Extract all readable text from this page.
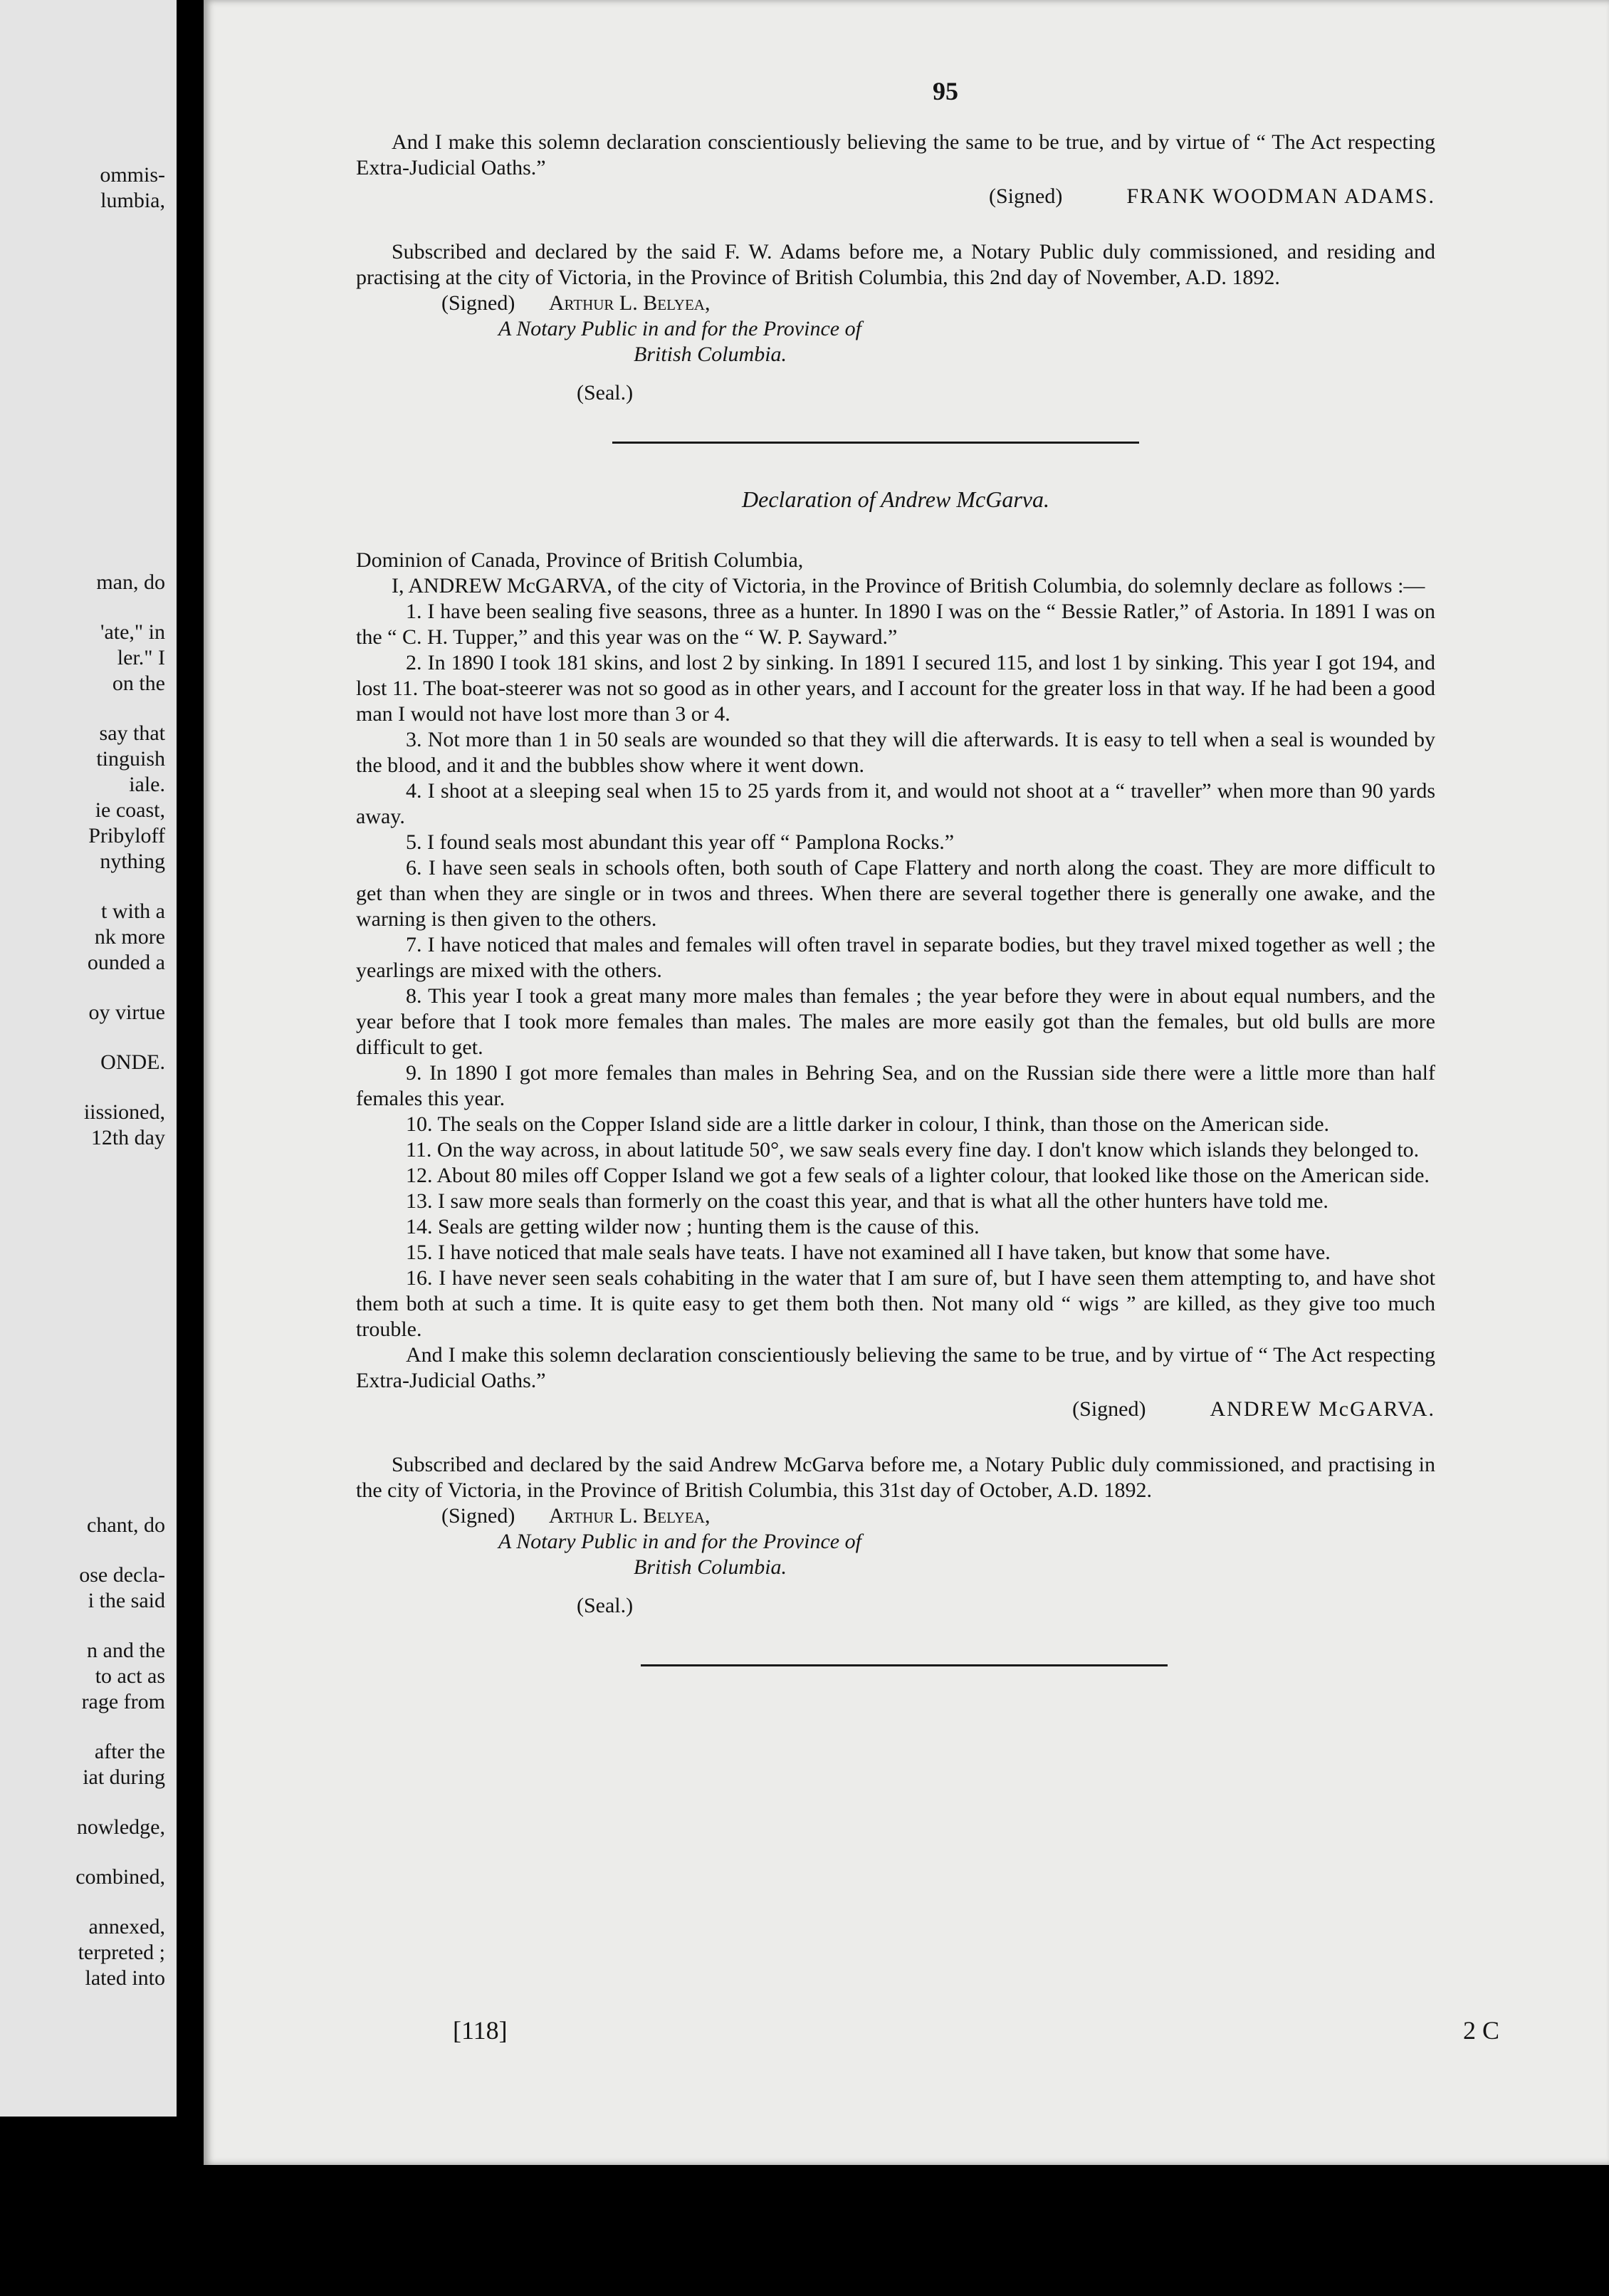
ommis-
lumbia,
man, do
'ate," in
ler." I
on the
say that
tinguish
iale.
ie coast,
Pribyloff
nything
t with a
nk more
ounded a
oy virtue
ONDE.
iissioned,
12th day
chant, do
ose decla-
i the said
n and the
to act as
rage from
after the
iat during
nowledge,
combined,
annexed,
terpreted ;
lated into
95

And I make this solemn declaration conscientiously believing the same to be true, and by virtue of “ The Act respecting Extra-Judicial Oaths.”

(Signed)	FRANK WOODMAN ADAMS.

Subscribed and declared by the said F. W. Adams before me, a Notary Public duly commissioned, and residing and practising at the city of Victoria, in the Province of British Columbia, this 2nd day of November, A.D. 1892.

(Signed) Arthur L. Belyea,
A Notary Public in and for the Province of
British Columbia.
(Seal.)
Declaration of Andrew McGarva.

Dominion of Canada, Province of British Columbia,

I, ANDREW McGARVA, of the city of Victoria, in the Province of British Columbia, do solemnly declare as follows :—

1. I have been sealing five seasons, three as a hunter. In 1890 I was on the “ Bessie Ratler,” of Astoria. In 1891 I was on the “ C. H. Tupper,” and this year was on the “ W. P. Sayward.”

2. In 1890 I took 181 skins, and lost 2 by sinking. In 1891 I secured 115, and lost 1 by sinking. This year I got 194, and lost 11. The boat-steerer was not so good as in other years, and I account for the greater loss in that way. If he had been a good man I would not have lost more than 3 or 4.

3. Not more than 1 in 50 seals are wounded so that they will die afterwards. It is easy to tell when a seal is wounded by the blood, and it and the bubbles show where it went down.

4. I shoot at a sleeping seal when 15 to 25 yards from it, and would not shoot at a “ traveller” when more than 90 yards away.

5. I found seals most abundant this year off “ Pamplona Rocks.”

6. I have seen seals in schools often, both south of Cape Flattery and north along the coast. They are more difficult to get than when they are single or in twos and threes. When there are several together there is generally one awake, and the warning is then given to the others.

7. I have noticed that males and females will often travel in separate bodies, but they travel mixed together as well ; the yearlings are mixed with the others.

8. This year I took a great many more males than females ; the year before they were in about equal numbers, and the year before that I took more females than males. The males are more easily got than the females, but old bulls are more difficult to get.

9. In 1890 I got more females than males in Behring Sea, and on the Russian side there were a little more than half females this year.

10. The seals on the Copper Island side are a little darker in colour, I think, than those on the American side.

11. On the way across, in about latitude 50°, we saw seals every fine day. I don't know which islands they belonged to.

12. About 80 miles off Copper Island we got a few seals of a lighter colour, that looked like those on the American side.

13. I saw more seals than formerly on the coast this year, and that is what all the other hunters have told me.

14. Seals are getting wilder now ; hunting them is the cause of this.

15. I have noticed that male seals have teats. I have not examined all I have taken, but know that some have.

16. I have never seen seals cohabiting in the water that I am sure of, but I have seen them attempting to, and have shot them both at such a time. It is quite easy to get them both then. Not many old “ wigs ” are killed, as they give too much trouble.

And I make this solemn declaration conscientiously believing the same to be true, and by virtue of “ The Act respecting Extra-Judicial Oaths.”

(Signed)	ANDREW McGARVA.

Subscribed and declared by the said Andrew McGarva before me, a Notary Public duly commissioned, and practising in the city of Victoria, in the Province of British Columbia, this 31st day of October, A.D. 1892.

(Signed) Arthur L. Belyea,
A Notary Public in and for the Province of
British Columbia.
(Seal.)
[118]	2 C
